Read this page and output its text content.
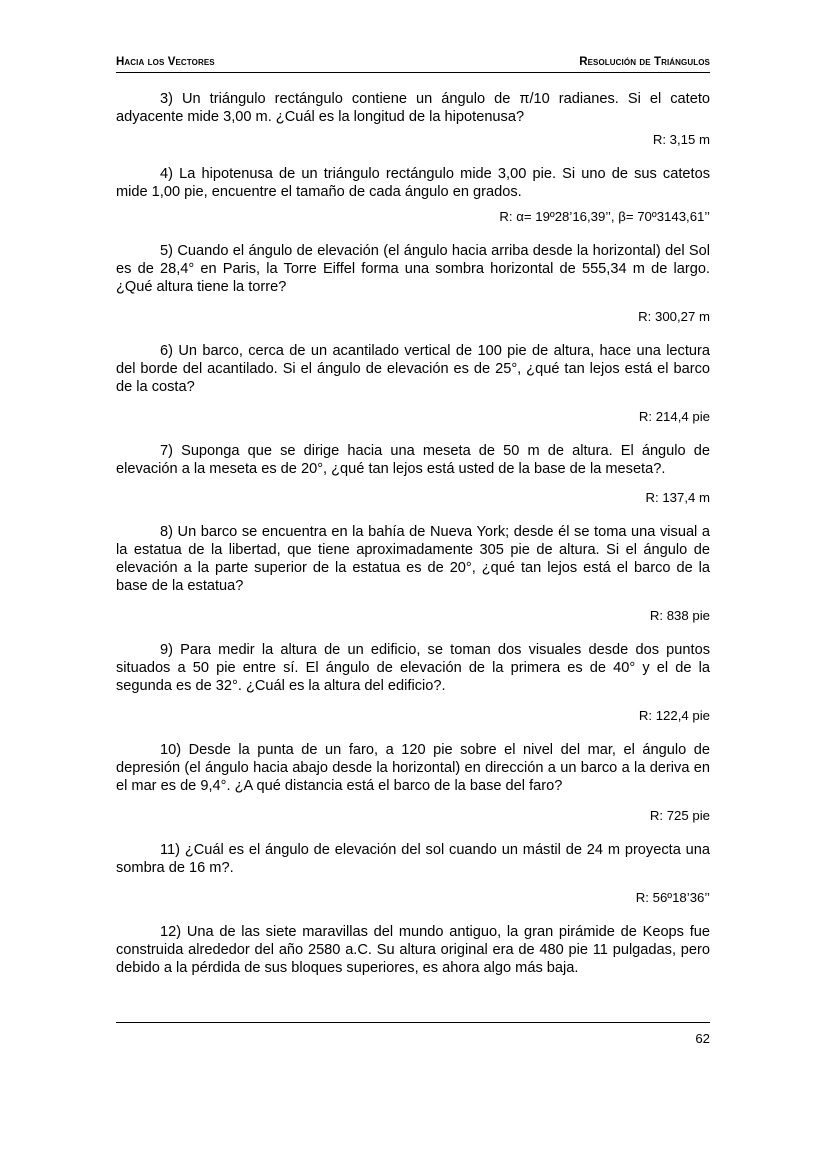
Hacia los Vectores	Resolución de Triángulos

3) Un triángulo rectángulo contiene un ángulo de π/10 radianes. Si el cateto adyacente mide 3,00 m. ¿Cuál es la longitud de la hipotenusa?

R: 3,15 m

4) La hipotenusa de un triángulo rectángulo mide 3,00 pie. Si uno de sus catetos mide 1,00 pie, encuentre el tamaño de cada ángulo en grados.

R: α= 19º28’16,39’’, β= 70º3143,61’’

5) Cuando el ángulo de elevación (el ángulo hacia arriba desde la horizontal) del Sol es de 28,4° en Paris, la Torre Eiffel forma una sombra horizontal de 555,34 m de largo. ¿Qué altura tiene la torre?

R: 300,27 m

6) Un barco, cerca de un acantilado vertical de 100 pie de altura, hace una lectura del borde del acantilado. Si el ángulo de elevación es de 25°, ¿qué tan lejos está el barco de la costa?

R: 214,4 pie

7) Suponga que se dirige hacia una meseta de 50 m de altura. El ángulo de elevación a la meseta es de 20°, ¿qué tan lejos está usted de la base de la meseta?.

R: 137,4 m

8) Un barco se encuentra en la bahía de Nueva York; desde él se toma una visual a la estatua de la libertad, que tiene aproximadamente 305 pie de altura. Si el ángulo de elevación a la parte superior de la estatua es de 20°, ¿qué tan lejos está el barco de la base de la estatua?

R: 838 pie

9) Para medir la altura de un edificio, se toman dos visuales desde dos puntos situados a 50 pie entre sí. El ángulo de elevación de la primera es de 40° y el de la segunda es de 32°. ¿Cuál es la altura del edificio?.

R: 122,4 pie

10) Desde la punta de un faro, a 120 pie sobre el nivel del mar, el ángulo de depresión (el ángulo hacia abajo desde la horizontal) en dirección a un barco a la deriva en el mar es de 9,4°. ¿A qué distancia está el barco de la base del faro?

R: 725 pie

11) ¿Cuál es el ángulo de elevación del sol cuando un mástil de 24 m proyecta una sombra de 16 m?.

R: 56º18’36’’

12) Una de las siete maravillas del mundo antiguo, la gran pirámide de Keops fue construida alrededor del año 2580 a.C. Su altura original era de 480 pie 11 pulgadas, pero debido a la pérdida de sus bloques superiores, es ahora algo más baja.

62
